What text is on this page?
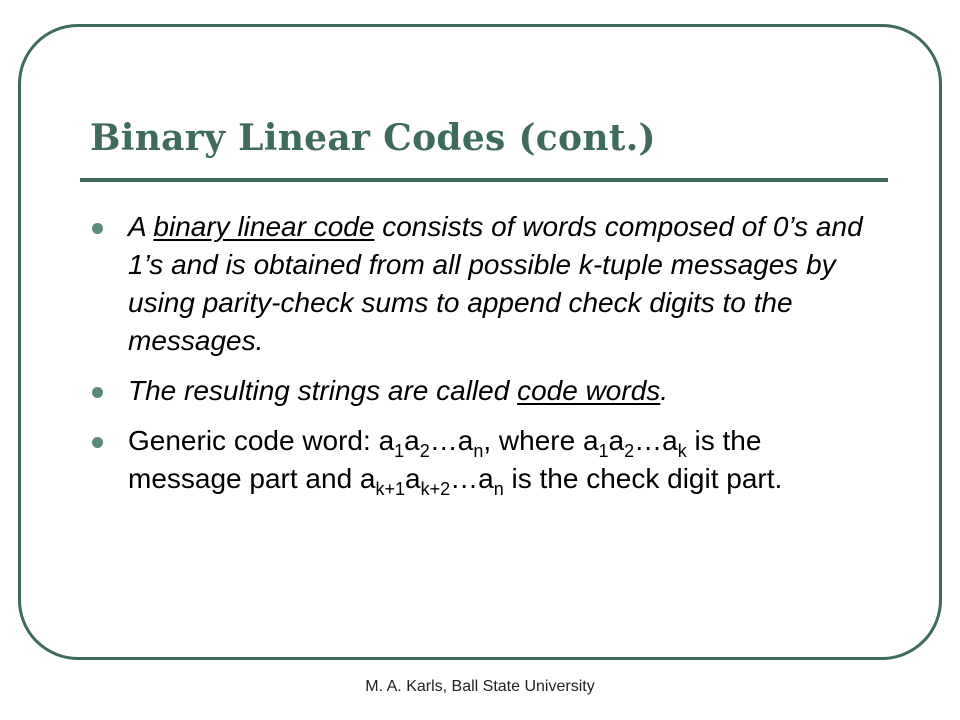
Binary Linear Codes (cont.)
A binary linear code consists of words composed of 0’s and 1’s and is obtained from all possible k-tuple messages by using parity-check sums to append check digits to the messages.
The resulting strings are called code words.
Generic code word: $a_1a_2\dots a_n$, where $a_1a_2\dots a_k$ is the message part and $a_{k+1}a_{k+2}\dots a_n$ is the check digit part.
M. A. Karls, Ball State University
